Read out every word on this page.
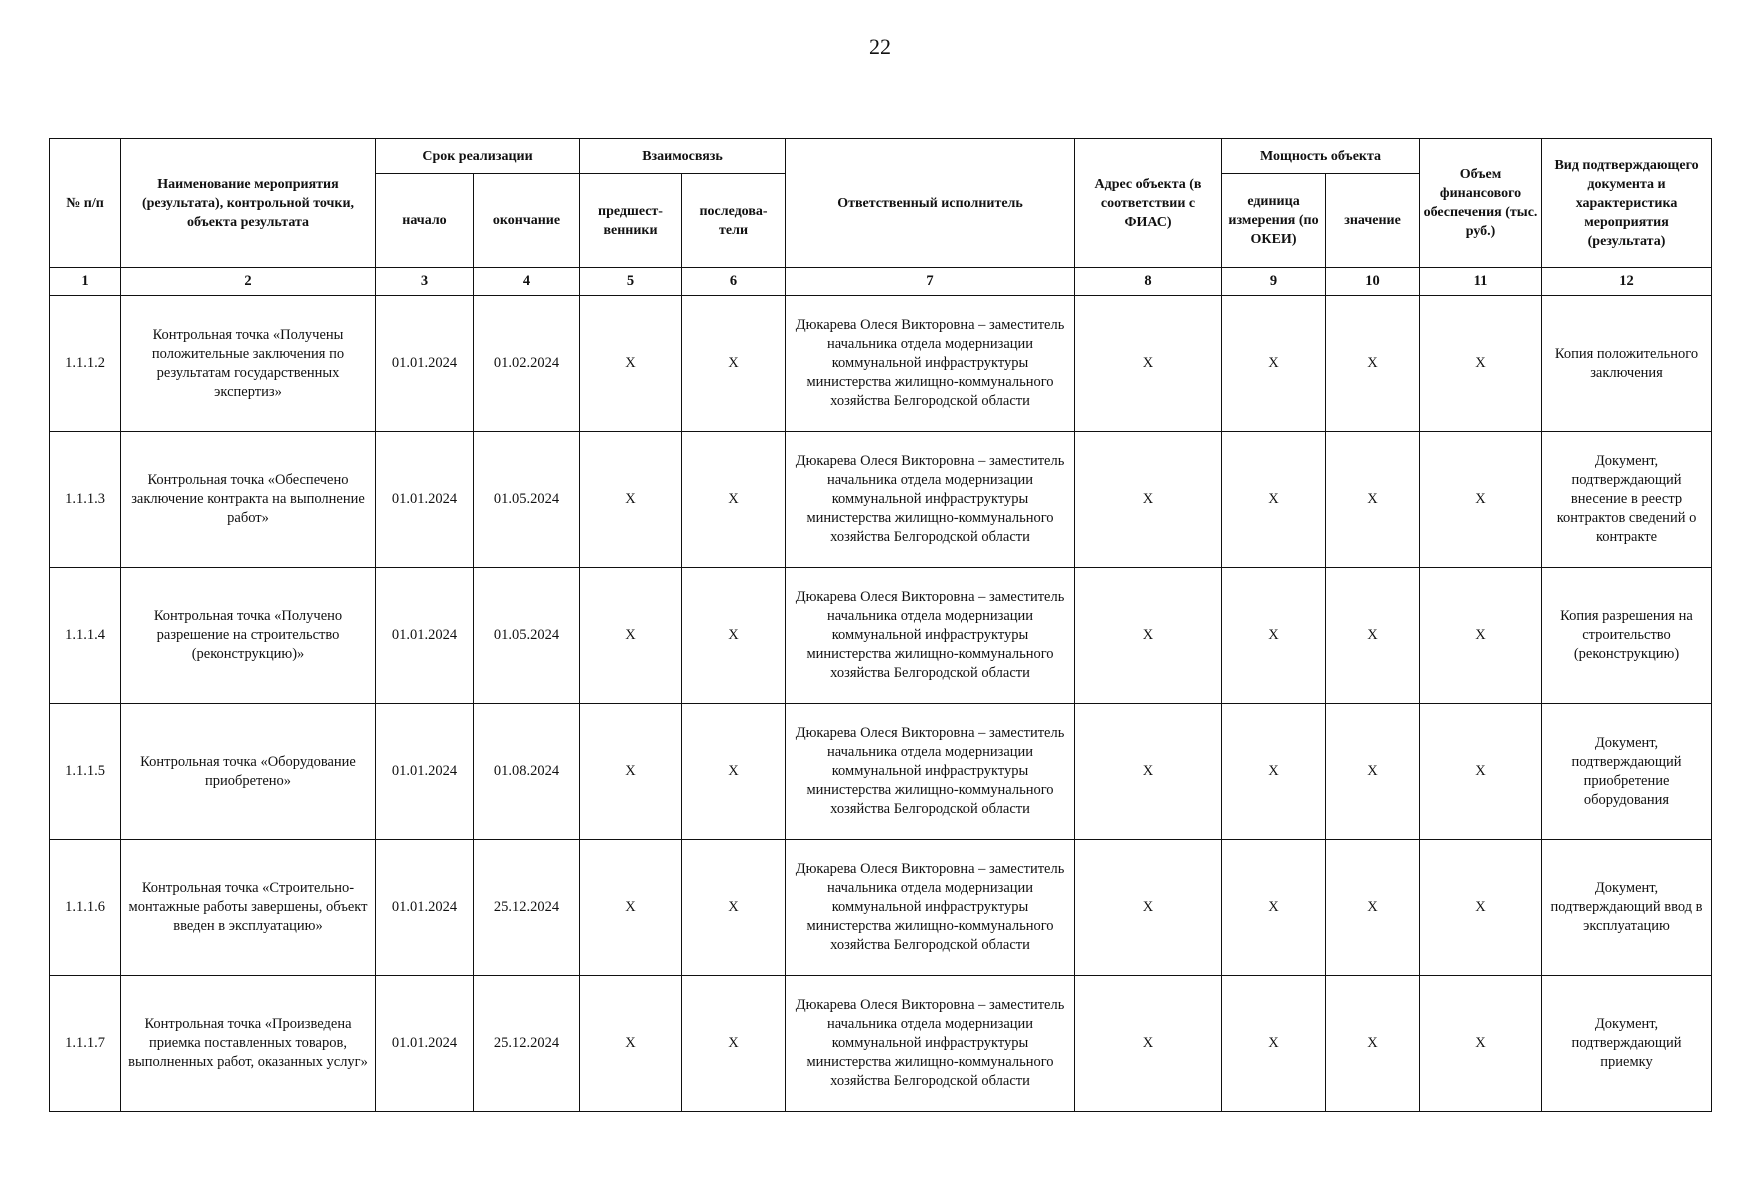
22
№ п/п	Наименование мероприятия (результата), контрольной точки, объекта результата	Срок реализации		Взаимосвязь		Ответственный исполнитель	Адрес объекта (в соответствии с ФИАС)	Мощность объекта		Объем финансового обеспечения (тыс. руб.)	Вид подтверждающего документа и характеристика мероприятия (результата)
		начало	окончание	предшест-венники	последова-тели			единица измерения (по ОКЕИ)	значение		
1	2	3	4	5	6	7	8	9	10	11	12
1.1.1.2	Контрольная точка «Получены положительные заключения по результатам государственных экспертиз»	01.01.2024	01.02.2024	X	X	Дюкарева Олеся Викторовна – заместитель начальника отдела модернизации коммунальной инфраструктуры министерства жилищно-коммунального хозяйства Белгородской области	X	X	X	X	Копия положительного заключения
1.1.1.3	Контрольная точка «Обеспечено заключение контракта на выполнение работ»	01.01.2024	01.05.2024	X	X	Дюкарева Олеся Викторовна – заместитель начальника отдела модернизации коммунальной инфраструктуры министерства жилищно-коммунального хозяйства Белгородской области	X	X	X	X	Документ, подтверждающий внесение в реестр контрактов сведений о контракте
1.1.1.4	Контрольная точка «Получено разрешение на строительство (реконструкцию)»	01.01.2024	01.05.2024	X	X	Дюкарева Олеся Викторовна – заместитель начальника отдела модернизации коммунальной инфраструктуры министерства жилищно-коммунального хозяйства Белгородской области	X	X	X	X	Копия разрешения на строительство (реконструкцию)
1.1.1.5	Контрольная точка «Оборудование приобретено»	01.01.2024	01.08.2024	X	X	Дюкарева Олеся Викторовна – заместитель начальника отдела модернизации коммунальной инфраструктуры министерства жилищно-коммунального хозяйства Белгородской области	X	X	X	X	Документ, подтверждающий приобретение оборудования
1.1.1.6	Контрольная точка «Строительно-монтажные работы завершены, объект введен в эксплуатацию»	01.01.2024	25.12.2024	X	X	Дюкарева Олеся Викторовна – заместитель начальника отдела модернизации коммунальной инфраструктуры министерства жилищно-коммунального хозяйства Белгородской области	X	X	X	X	Документ, подтверждающий ввод в эксплуатацию
1.1.1.7	Контрольная точка «Произведена приемка поставленных товаров, выполненных работ, оказанных услуг»	01.01.2024	25.12.2024	X	X	Дюкарева Олеся Викторовна – заместитель начальника отдела модернизации коммунальной инфраструктуры министерства жилищно-коммунального хозяйства Белгородской области	X	X	X	X	Документ, подтверждающий приемку
